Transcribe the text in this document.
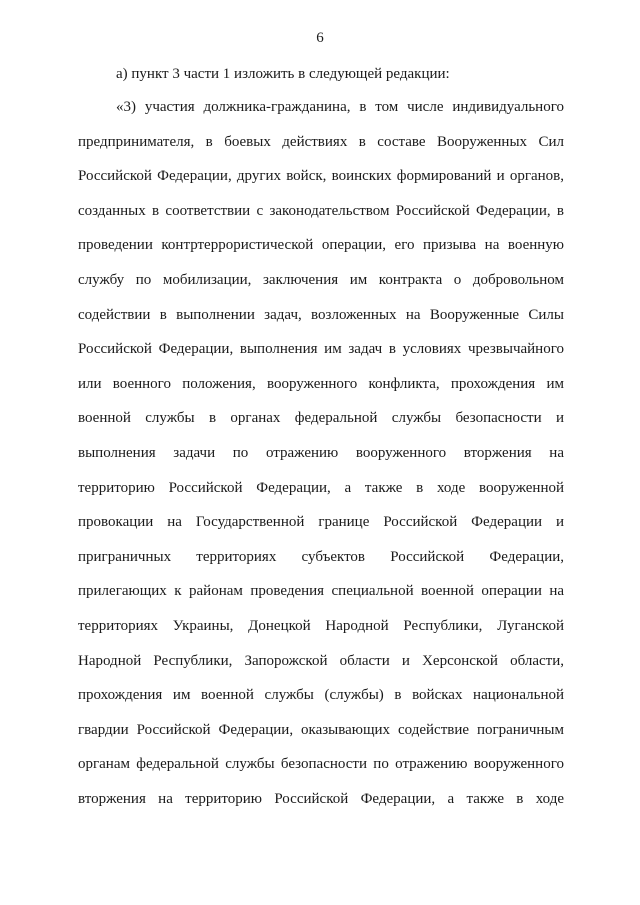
6
а) пункт 3 части 1 изложить в следующей редакции:
«3) участия должника-гражданина, в том числе индивидуального
предпринимателя, в боевых действиях в составе Вооруженных Сил
Российской Федерации, других войск, воинских формирований и органов,
созданных в соответствии с законодательством Российской Федерации, в
проведении контртеррористической операции, его призыва на военную
службу по мобилизации, заключения им контракта о добровольном
содействии в выполнении задач, возложенных на Вооруженные Силы
Российской Федерации, выполнения им задач в условиях чрезвычайного
или военного положения, вооруженного конфликта, прохождения им
военной службы в органах федеральной службы безопасности и
выполнения задачи по отражению вооруженного вторжения на
территорию Российской Федерации, а также в ходе вооруженной
провокации на Государственной границе Российской Федерации и
приграничных территориях субъектов Российской Федерации,
прилегающих к районам проведения специальной военной операции на
территориях Украины, Донецкой Народной Республики, Луганской
Народной Республики, Запорожской области и Херсонской области,
прохождения им военной службы (службы) в войсках национальной
гвардии Российской Федерации, оказывающих содействие пограничным
органам федеральной службы безопасности по отражению вооруженного
вторжения на территорию Российской Федерации, а также в ходе
